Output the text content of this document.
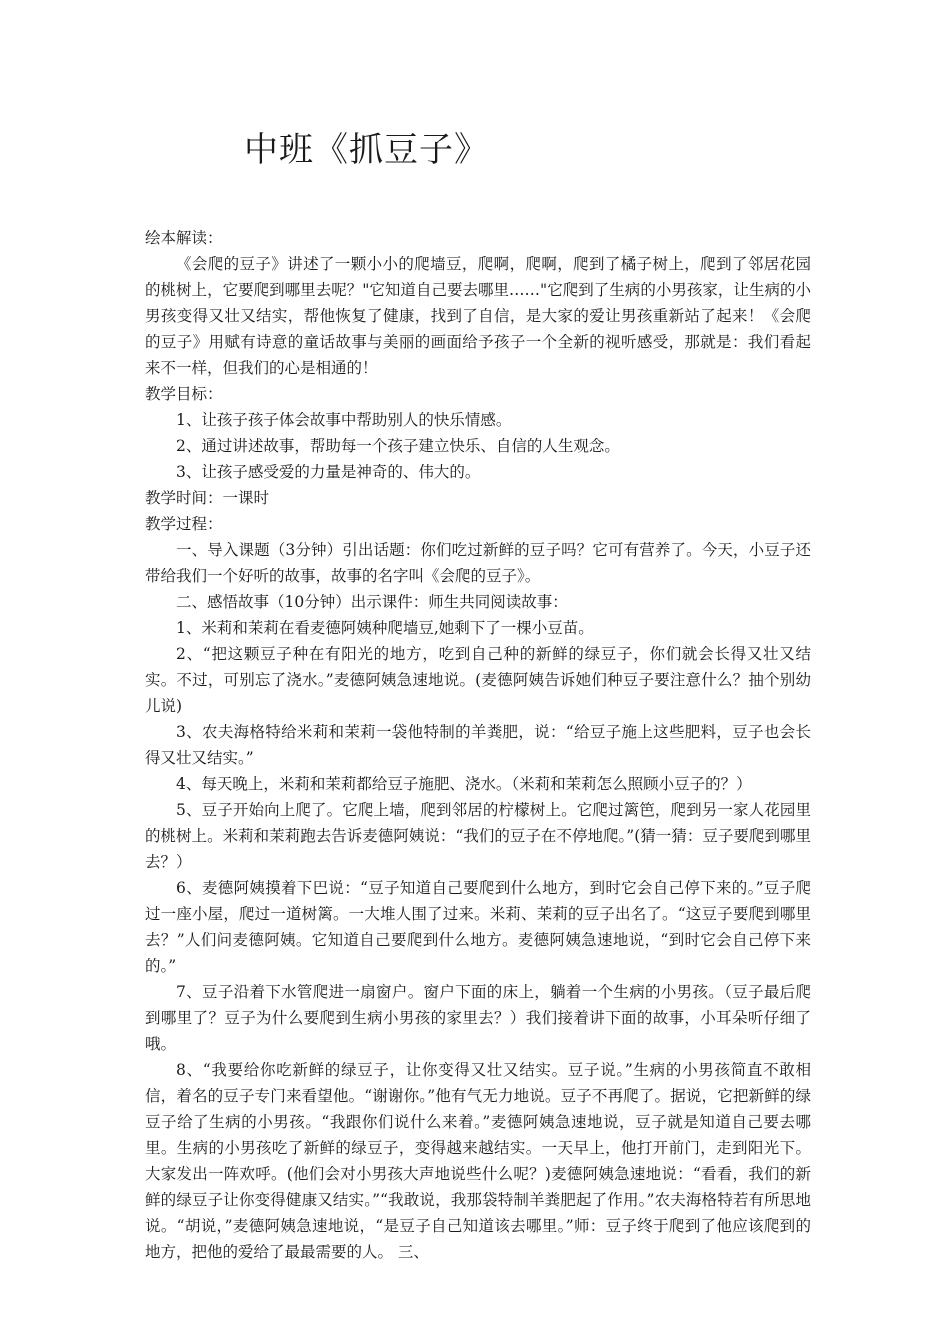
中班《抓豆子》

绘本解读：

《会爬的豆子》讲述了一颗小小的爬墙豆，爬啊，爬啊，爬到了橘子树上，爬到了邻居花园的桃树上，它要爬到哪里去呢？"它知道自己要去哪里……"它爬到了生病的小男孩家，让生病的小男孩变得又壮又结实，帮他恢复了健康，找到了自信，是大家的爱让男孩重新站了起来！《会爬的豆子》用赋有诗意的童话故事与美丽的画面给予孩子一个全新的视听感受，那就是：我们看起来不一样，但我们的心是相通的！

教学目标：

1、让孩子孩子体会故事中帮助别人的快乐情感。

2、通过讲述故事，帮助每一个孩子建立快乐、自信的人生观念。

3、让孩子感受爱的力量是神奇的、伟大的。

教学时间：一课时

教学过程：

一、导入课题（3分钟）引出话题：你们吃过新鲜的豆子吗？它可有营养了。今天，小豆子还带给我们一个好听的故事，故事的名字叫《会爬的豆子》。

二、感悟故事（10分钟）出示课件：师生共同阅读故事：

1、米莉和茉莉在看麦德阿姨种爬墙豆,她剩下了一棵小豆苗。

2、“把这颗豆子种在有阳光的地方，吃到自己种的新鲜的绿豆子，你们就会长得又壮又结实。不过，可别忘了浇水。”麦德阿姨急速地说。(麦德阿姨告诉她们种豆子要注意什么？抽个别幼儿说)

3、农夫海格特给米莉和茉莉一袋他特制的羊粪肥，说：“给豆子施上这些肥料，豆子也会长得又壮又结实。”

4、每天晚上，米莉和茉莉都给豆子施肥、浇水。（米莉和茉莉怎么照顾小豆子的？）

5、豆子开始向上爬了。它爬上墙，爬到邻居的柠檬树上。它爬过篱笆，爬到另一家人花园里的桃树上。米莉和茉莉跑去告诉麦德阿姨说：“我们的豆子在不停地爬。”(猜一猜：豆子要爬到哪里去？）

6、麦德阿姨摸着下巴说：“豆子知道自己要爬到什么地方，到时它会自己停下来的。”豆子爬过一座小屋，爬过一道树篱。一大堆人围了过来。米莉、茉莉的豆子出名了。“这豆子要爬到哪里去？”人们问麦德阿姨。它知道自己要爬到什么地方。麦德阿姨急速地说，“到时它会自己停下来的。”

7、豆子沿着下水管爬进一扇窗户。窗户下面的床上，躺着一个生病的小男孩。（豆子最后爬到哪里了？豆子为什么要爬到生病小男孩的家里去？）我们接着讲下面的故事，小耳朵听仔细了哦。

8、“我要给你吃新鲜的绿豆子，让你变得又壮又结实。豆子说。”生病的小男孩简直不敢相信，着名的豆子专门来看望他。“谢谢你。”他有气无力地说。豆子不再爬了。据说，它把新鲜的绿豆子给了生病的小男孩。“我跟你们说什么来着。”麦德阿姨急速地说，豆子就是知道自己要去哪里。生病的小男孩吃了新鲜的绿豆子，变得越来越结实。一天早上，他打开前门，走到阳光下。大家发出一阵欢呼。(他们会对小男孩大声地说些什么呢？)麦德阿姨急速地说：“看看，我们的新鲜的绿豆子让你变得健康又结实。”“我敢说，我那袋特制羊粪肥起了作用。”农夫海格特若有所思地说。“胡说，”麦德阿姨急速地说，“是豆子自己知道该去哪里。”师：豆子终于爬到了他应该爬到的地方，把他的爱给了最最需要的人。 三、
